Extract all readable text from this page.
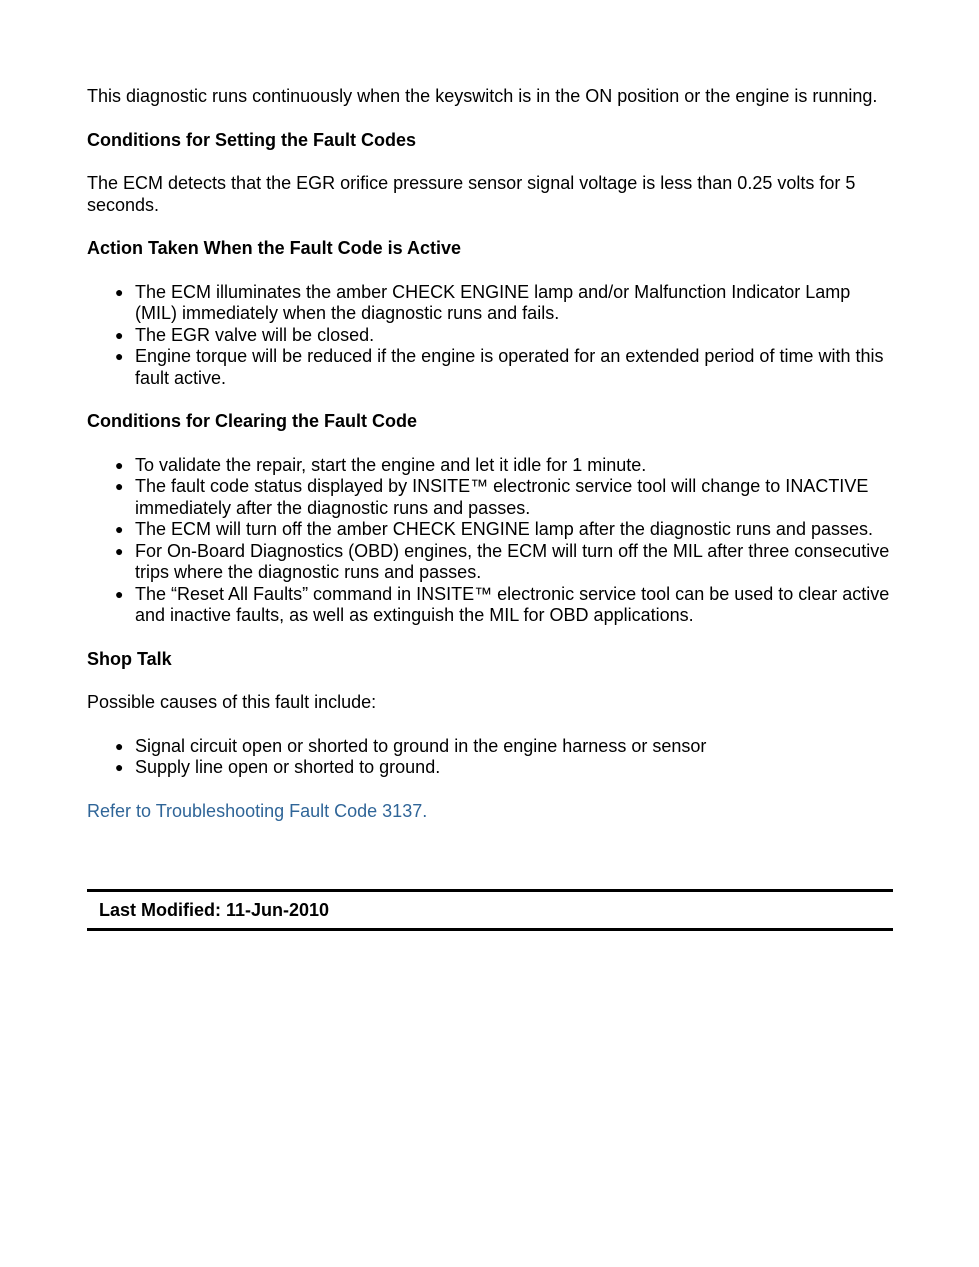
This diagnostic runs continuously when the keyswitch is in the ON position or the engine is running.

Conditions for Setting the Fault Codes

The ECM detects that the EGR orifice pressure sensor signal voltage is less than 0.25 volts for 5 seconds.

Action Taken When the Fault Code is Active
● The ECM illuminates the amber CHECK ENGINE lamp and/or Malfunction Indicator Lamp (MIL) immediately when the diagnostic runs and fails.
● The EGR valve will be closed.
● Engine torque will be reduced if the engine is operated for an extended period of time with this fault active.
Conditions for Clearing the Fault Code
● To validate the repair, start the engine and let it idle for 1 minute.
● The fault code status displayed by INSITE™ electronic service tool will change to INACTIVE immediately after the diagnostic runs and passes.
● The ECM will turn off the amber CHECK ENGINE lamp after the diagnostic runs and passes.
● For On-Board Diagnostics (OBD) engines, the ECM will turn off the MIL after three consecutive trips where the diagnostic runs and passes.
● The “Reset All Faults” command in INSITE™ electronic service tool can be used to clear active and inactive faults, as well as extinguish the MIL for OBD applications.
Shop Talk

Possible causes of this fault include:

● Signal circuit open or shorted to ground in the engine harness or sensor
● Supply line open or shorted to ground.

Refer to Troubleshooting Fault Code 3137.

Last Modified: 11-Jun-2010
